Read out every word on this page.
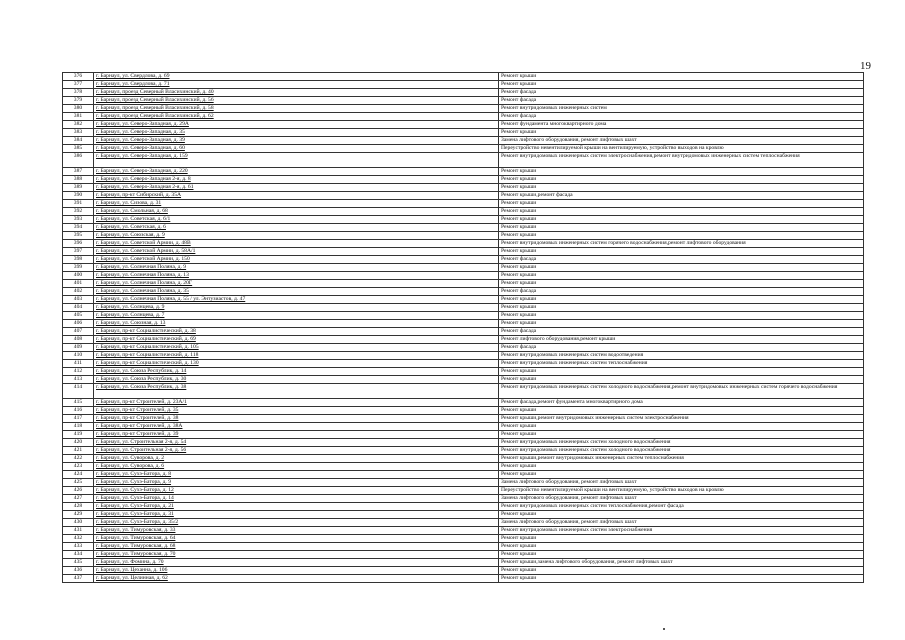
19
376	г. Барнаул, ул. Свердлова, д. 69	Ремонт крыши
377	г. Барнаул, ул. Свердлова, д. 71	Ремонт крыши
378	г. Барнаул, проезд Северный Власихинский, д. 40	Ремонт фасада
379	г. Барнаул, проезд Северный Власихинский, д. 56	Ремонт фасада
380	г. Барнаул, проезд Северный Власихинский, д. 58	Ремонт внутридомовых инженерных систем
381	г. Барнаул, проезд Северный Власихинский, д. 62	Ремонт фасада
382	г. Барнаул, ул. Северо-Западная, д. 29А	Ремонт фундамента многоквартирного дома
383	г. Барнаул, ул. Северо-Западная, д. 35	Ремонт крыши
384	г. Барнаул, ул. Северо-Западная, д. 39	Замена лифтового оборудования, ремонт лифтовых шахт
385	г. Барнаул, ул. Северо-Западная, д. 60	Переустройство невентилируемой крыши на вентилируемую, устройство выходов на кровлю
386	г. Барнаул, ул. Северо-Западная, д. 159	Ремонт внутридомовых инженерных систем электроснабжения,ремонт внутридомовых инженерных систем теплоснабжения
387	г. Барнаул, ул. Северо-Западная, д. 220	Ремонт крыши
388	г. Барнаул, ул. Северо-Западная 2-я, д. 8	Ремонт крыши
389	г. Барнаул, ул. Северо-Западная 2-я, д. 61	Ремонт крыши
390	г. Барнаул, пр-кт Сибирский, д. 35А	Ремонт крыши,ремонт фасада
391	г. Барнаул, ул. Сизова, д. 31	Ремонт крыши
392	г. Барнаул, ул. Смольная, д. 68	Ремонт крыши
393	г. Барнаул, ул. Советская, д. 6/1	Ремонт крыши
394	г. Барнаул, ул. Советская, д. 6	Ремонт крыши
395	г. Барнаул, ул. Союзская, д. 9	Ремонт крыши
396	г. Барнаул, ул. Советской Армии, д. 48В	Ремонт внутридомовых инженерных систем горячего водоснабжения,ремонт лифтового оборудования
397	г. Барнаул, ул. Советской Армии, д. 58А/1	Ремонт крыши
398	г. Барнаул, ул. Советской Армии, д. 150	Ремонт фасада
399	г. Барнаул, ул. Солнечная Поляна, д. 9	Ремонт крыши
400	г. Барнаул, ул. Солнечная Поляна, д. 13	Ремонт крыши
401	г. Барнаул, ул. Солнечная Поляна, д. 20Г	Ремонт крыши
402	г. Барнаул, ул. Солнечная Поляна, д. 35	Ремонт фасада
403	г. Барнаул, ул. Солнечная Поляна, д. 55 / ул. Энтузиастов, д. 47	Ремонт крыши
404	г. Барнаул, ул. Солнцева, д. 9	Ремонт крыши
405	г. Барнаул, ул. Солнцева, д. 7	Ремонт крыши
406	г. Барнаул, ул. Союзная, д. 13	Ремонт крыши
407	г. Барнаул, пр-кт Социалистический, д. 38	Ремонт фасада
408	г. Барнаул, пр-кт Социалистический, д. 69	Ремонт лифтового оборудования,ремонт крыши
409	г. Барнаул, пр-кт Социалистический, д. 105	Ремонт фасада
410	г. Барнаул, пр-кт Социалистический, д. 118	Ремонт внутридомовых инженерных систем водоотведения
411	г. Барнаул, пр-кт Социалистический, д. 130	Ремонт внутридомовых инженерных систем теплоснабжения
412	г. Барнаул, ул. Союза Республик, д. 14	Ремонт крыши
413	г. Барнаул, ул. Союза Республик, д. 30	Ремонт крыши
414	г. Барнаул, ул. Союза Республик, д. 38	Ремонт внутридомовых инженерных систем холодного водоснабжения,ремонт внутридомовых инженерных систем горячего водоснабжения
415	г. Барнаул, пр-кт Строителей, д. 23А/1	Ремонт фасада,ремонт фундамента многоквартирного дома
416	г. Барнаул, пр-кт Строителей, д. 35	Ремонт крыши
417	г. Барнаул, пр-кт Строителей, д. 38	Ремонт крыши,ремонт внутридомовых инженерных систем электроснабжения
418	г. Барнаул, пр-кт Строителей, д. 38А	Ремонт крыши
419	г. Барнаул, пр-кт Строителей, д. 39	Ремонт крыши
420	г. Барнаул, ул. Строительная 2-я, д. 54	Ремонт внутридомовых инженерных систем холодного водоснабжения
421	г. Барнаул, ул. Строительная 2-я, д. 56	Ремонт внутридомовых инженерных систем холодного водоснабжения
422	г. Барнаул, ул. Суворова, д. 2	Ремонт крыши,ремонт внутридомовых инженерных систем теплоснабжения
423	г. Барнаул, ул. Суворова, д. 6	Ремонт крыши
424	г. Барнаул, ул. Сухэ-Батора, д. 8	Ремонт крыши
425	г. Барнаул, ул. Сухэ-Батора, д. 9	Замена лифтового оборудования, ремонт лифтовых шахт
426	г. Барнаул, ул. Сухэ-Батора, д. 12	Переустройство невентилируемой крыши на вентилируемую, устройство выходов на кровлю
427	г. Барнаул, ул. Сухэ-Батора, д. 14	Замена лифтового оборудования, ремонт лифтовых шахт
428	г. Барнаул, ул. Сухэ-Батора, д. 21	Ремонт внутридомовых инженерных систем теплоснабжения,ремонт фасада
429	г. Барнаул, ул. Сухэ-Батора, д. 31	Ремонт крыши
430	г. Барнаул, ул. Сухэ-Батора, д. 35/2	Замена лифтового оборудования, ремонт лифтовых шахт
431	г. Барнаул, ул. Тимуровская, д. 33	Ремонт внутридомовых инженерных систем электроснабжения
432	г. Барнаул, ул. Тимуровская, д. 64	Ремонт крыши
433	г. Барнаул, ул. Тимуровская, д. 68	Ремонт крыши
434	г. Барнаул, ул. Тимуровская, д. 70	Ремонт крыши
435	г. Барнаул, ул. Фомина, д. 70	Ремонт крыши,замена лифтового оборудования, ремонт лифтовых шахт
436	г. Барнаул, ул. Цеханна, д. 106	Ремонт крыши
437	г. Барнаул, ул. Целинная, д. 62	Ремонт крыши
